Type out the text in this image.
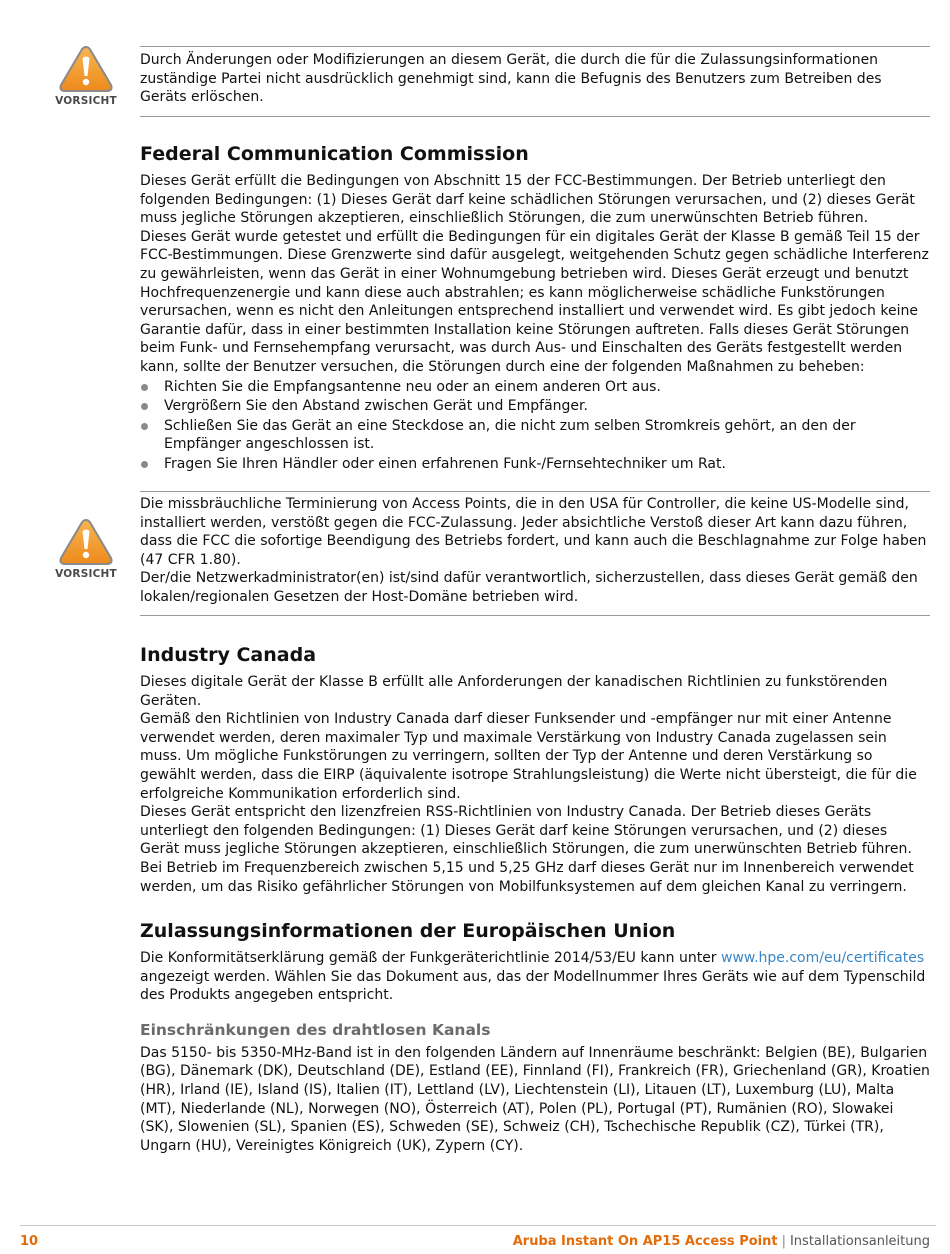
VORSICHT

Durch Änderungen oder Modifizierungen an diesem Gerät, die durch die für die Zulassungsinformationen zuständige Partei nicht ausdrücklich genehmigt sind, kann die Befugnis des Benutzers zum Betreiben des Geräts erlöschen.

Federal Communication Commission

Dieses Gerät erfüllt die Bedingungen von Abschnitt 15 der FCC-Bestimmungen. Der Betrieb unterliegt den folgenden Bedingungen: (1) Dieses Gerät darf keine schädlichen Störungen verursachen, und (2) dieses Gerät muss jegliche Störungen akzeptieren, einschließlich Störungen, die zum unerwünschten Betrieb führen.

Dieses Gerät wurde getestet und erfüllt die Bedingungen für ein digitales Gerät der Klasse B gemäß Teil 15 der FCC-Bestimmungen. Diese Grenzwerte sind dafür ausgelegt, weitgehenden Schutz gegen schädliche Interferenz zu gewährleisten, wenn das Gerät in einer Wohnumgebung betrieben wird. Dieses Gerät erzeugt und benutzt Hochfrequenzenergie und kann diese auch abstrahlen; es kann möglicherweise schädliche Funkstörungen verursachen, wenn es nicht den Anleitungen entsprechend installiert und verwendet wird. Es gibt jedoch keine Garantie dafür, dass in einer bestimmten Installation keine Störungen auftreten. Falls dieses Gerät Störungen beim Funk- und Fernsehempfang verursacht, was durch Aus- und Einschalten des Geräts festgestellt werden kann, sollte der Benutzer versuchen, die Störungen durch eine der folgenden Maßnahmen zu beheben:

Richten Sie die Empfangsantenne neu oder an einem anderen Ort aus.
Vergrößern Sie den Abstand zwischen Gerät und Empfänger.
Schließen Sie das Gerät an eine Steckdose an, die nicht zum selben Stromkreis gehört, an den der Empfänger angeschlossen ist.
Fragen Sie Ihren Händler oder einen erfahrenen Funk-/Fernsehtechniker um Rat.
VORSICHT

Die missbräuchliche Terminierung von Access Points, die in den USA für Controller, die keine US-Modelle sind, installiert werden, verstößt gegen die FCC-Zulassung. Jeder absichtliche Verstoß dieser Art kann dazu führen, dass die FCC die sofortige Beendigung des Betriebs fordert, und kann auch die Beschlagnahme zur Folge haben (47 CFR 1.80).

Der/die Netzwerkadministrator(en) ist/sind dafür verantwortlich, sicherzustellen, dass dieses Gerät gemäß den lokalen/regionalen Gesetzen der Host-Domäne betrieben wird.

Industry Canada

Dieses digitale Gerät der Klasse B erfüllt alle Anforderungen der kanadischen Richtlinien zu funkstörenden Geräten.

Gemäß den Richtlinien von Industry Canada darf dieser Funksender und -empfänger nur mit einer Antenne verwendet werden, deren maximaler Typ und maximale Verstärkung von Industry Canada zugelassen sein muss. Um mögliche Funkstörungen zu verringern, sollten der Typ der Antenne und deren Verstärkung so gewählt werden, dass die EIRP (äquivalente isotrope Strahlungsleistung) die Werte nicht übersteigt, die für die erfolgreiche Kommunikation erforderlich sind.

Dieses Gerät entspricht den lizenzfreien RSS-Richtlinien von Industry Canada. Der Betrieb dieses Geräts unterliegt den folgenden Bedingungen: (1) Dieses Gerät darf keine Störungen verursachen, und (2) dieses Gerät muss jegliche Störungen akzeptieren, einschließlich Störungen, die zum unerwünschten Betrieb führen.

Bei Betrieb im Frequenzbereich zwischen 5,15 und 5,25 GHz darf dieses Gerät nur im Innenbereich verwendet werden, um das Risiko gefährlicher Störungen von Mobilfunksystemen auf dem gleichen Kanal zu verringern.

Zulassungsinformationen der Europäischen Union

Die Konformitätserklärung gemäß der Funkgeräterichtlinie 2014/53/EU kann unter www.hpe.com/eu/certificates angezeigt werden. Wählen Sie das Dokument aus, das der Modellnummer Ihres Geräts wie auf dem Typenschild des Produkts angegeben entspricht.

Einschränkungen des drahtlosen Kanals

Das 5150- bis 5350-MHz-Band ist in den folgenden Ländern auf Innenräume beschränkt: Belgien (BE), Bulgarien (BG), Dänemark (DK), Deutschland (DE), Estland (EE), Finnland (FI), Frankreich (FR), Griechenland (GR), Kroatien (HR), Irland (IE), Island (IS), Italien (IT), Lettland (LV), Liechtenstein (LI), Litauen (LT), Luxemburg (LU), Malta (MT), Niederlande (NL), Norwegen (NO), Österreich (AT), Polen (PL), Portugal (PT), Rumänien (RO), Slowakei (SK), Slowenien (SL), Spanien (ES), Schweden (SE), Schweiz (CH), Tschechische Republik (CZ), Türkei (TR), Ungarn (HU), Vereinigtes Königreich (UK), Zypern (CY).

10	Aruba Instant On AP15 Access Point | Installationsanleitung
